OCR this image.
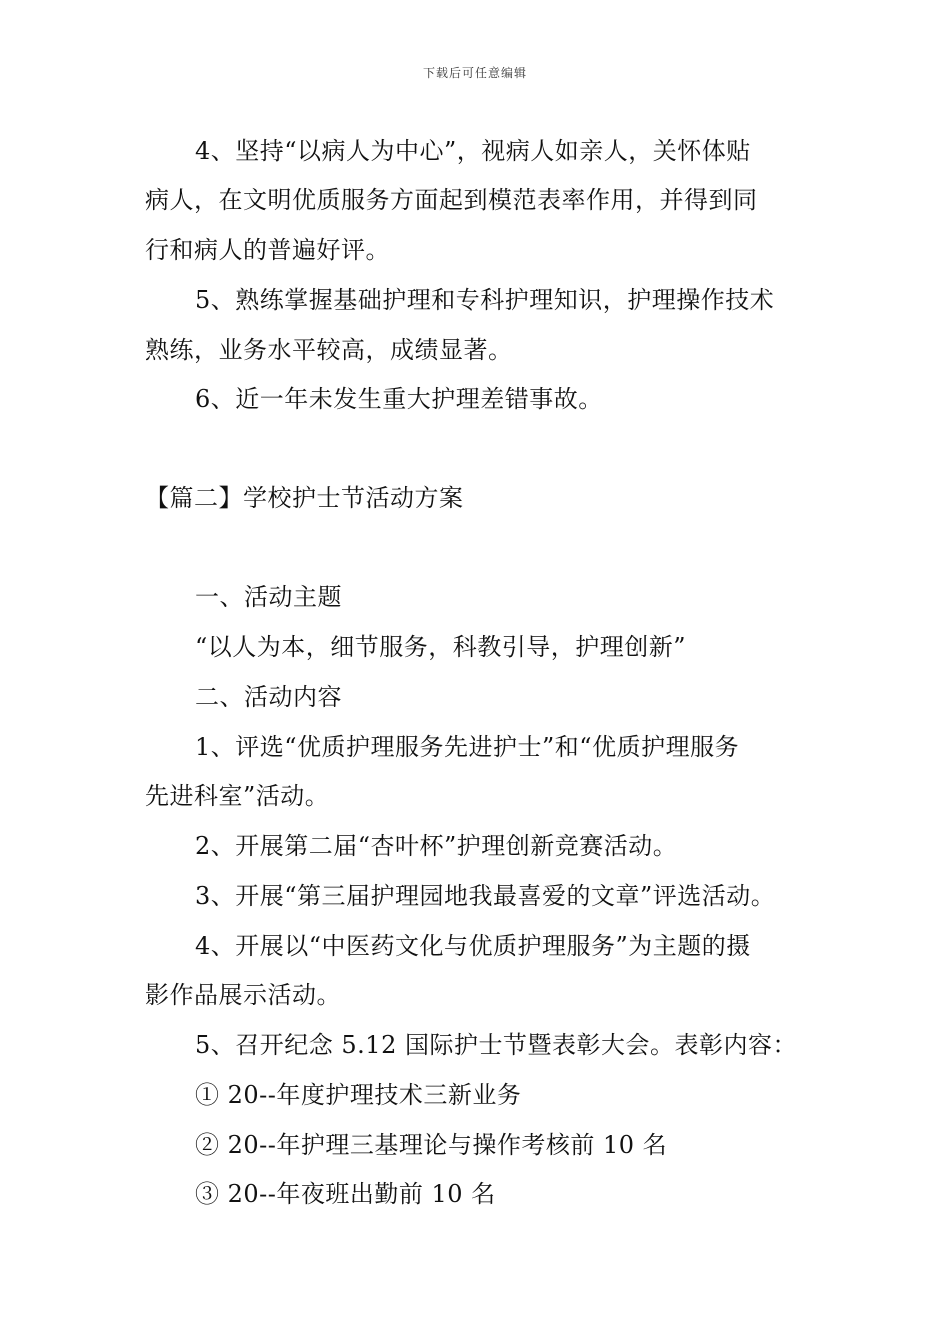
下载后可任意编辑
4、坚持“以病人为中心”，视病人如亲人，关怀体贴
病人，在文明优质服务方面起到模范表率作用，并得到同
行和病人的普遍好评。
5、熟练掌握基础护理和专科护理知识，护理操作技术
熟练，业务水平较高，成绩显著。
6、近一年未发生重大护理差错事故。
【篇二】学校护士节活动方案
一、活动主题
“以人为本，细节服务，科教引导，护理创新”
二、活动内容
1、评选“优质护理服务先进护士”和“优质护理服务
先进科室”活动。
2、开展第二届“杏叶杯”护理创新竞赛活动。
3、开展“第三届护理园地我最喜爱的文章”评选活动。
4、开展以“中医药文化与优质护理服务”为主题的摄
影作品展示活动。
5、召开纪念 5.12 国际护士节暨表彰大会。表彰内容：
① 20--年度护理技术三新业务
② 20--年护理三基理论与操作考核前 10 名
③ 20--年夜班出勤前 10 名
